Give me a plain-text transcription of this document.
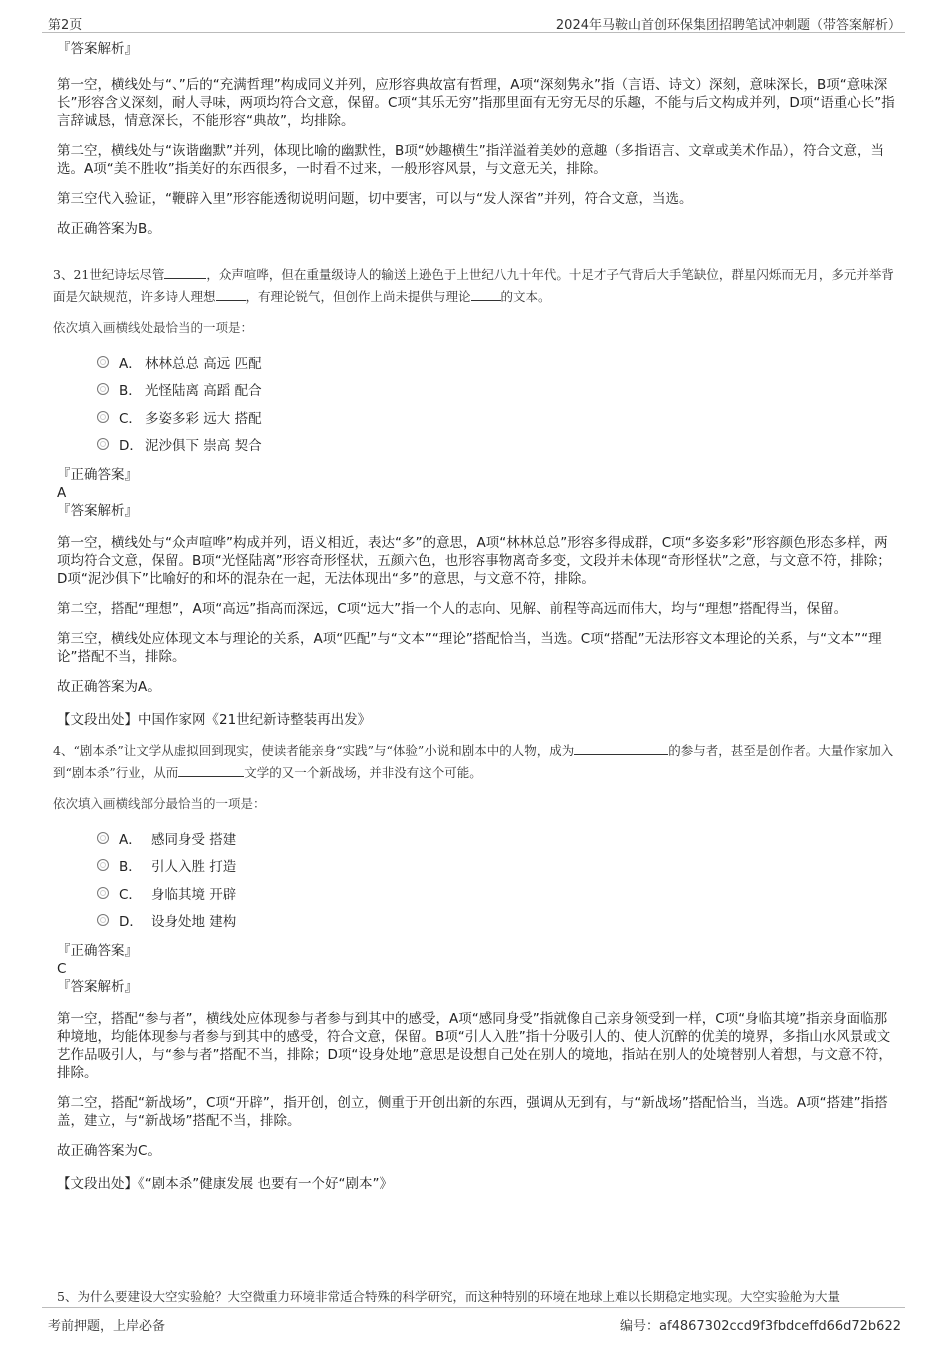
第2页	2024年马鞍山首创环保集团招聘笔试冲刺题（带答案解析）

『答案解析』

第一空，横线处与“、”后的“充满哲理”构成同义并列，应形容典故富有哲理，A项“深刻隽永”指（言语、诗文）深刻，意味深长，B项“意味深长”形容含义深刻，耐人寻味，两项均符合文意，保留。C项“其乐无穷”指那里面有无穷无尽的乐趣，不能与后文构成并列，D项“语重心长”指言辞诚恳，情意深长，不能形容“典故”，均排除。

第二空，横线处与“诙谐幽默”并列，体现比喻的幽默性，B项“妙趣横生”指洋溢着美妙的意趣（多指语言、文章或美术作品），符合文意，当选。A项“美不胜收”指美好的东西很多，一时看不过来，一般形容风景，与文意无关，排除。

第三空代入验证，“鞭辟入里”形容能透彻说明问题，切中要害，可以与“发人深省”并列，符合文意，当选。

故正确答案为B。

3、21世纪诗坛尽管	，众声喧哗，但在重量级诗人的输送上逊色于上世纪八九十年代。十足才子气背后大手笔缺位，群星闪烁而无月，多元并举背面是欠缺规范，许多诗人理想 ，有理论锐气，但创作上尚未提供与理论 的文本。

依次填入画横线处最恰当的一项是：

A． 林林总总 高远 匹配
B． 光怪陆离 高蹈 配合
C． 多姿多彩 远大 搭配
D． 泥沙俱下 崇高 契合

『正确答案』

A

『答案解析』

第一空，横线处与“众声喧哗”构成并列，语义相近，表达“多”的意思，A项“林林总总”形容多得成群，C项“多姿多彩”形容颜色形态多样，两项均符合文意，保留。B项“光怪陆离”形容奇形怪状，五颜六色，也形容事物离奇多变，文段并未体现“奇形怪状”之意，与文意不符，排除；D项“泥沙俱下”比喻好的和坏的混杂在一起，无法体现出“多”的意思，与文意不符，排除。

第二空，搭配“理想”，A项“高远”指高而深远，C项“远大”指一个人的志向、见解、前程等高远而伟大，均与“理想”搭配得当，保留。

第三空，横线处应体现文本与理论的关系，A项“匹配”与“文本”“理论”搭配恰当，当选。C项“搭配”无法形容文本理论的关系，与“文本”“理论”搭配不当，排除。

故正确答案为A。

【文段出处】中国作家网《21世纪新诗整装再出发》

4、“剧本杀”让文学从虚拟回到现实，使读者能亲身“实践”与“体验”小说和剧本中的人物，成为	的参与者，甚至是创作者。大量作家加入到“剧本杀”行业，从而	文学的又一个新战场，并非没有这个可能。

依次填入画横线部分最恰当的一项是：

A． 感同身受 搭建
B． 引人入胜 打造
C． 身临其境 开辟
D． 设身处地 建构

『正确答案』

C

『答案解析』

第一空，搭配“参与者”，横线处应体现参与者参与到其中的感受，A项“感同身受”指就像自己亲身领受到一样，C项“身临其境”指亲身面临那种境地，均能体现参与者参与到其中的感受，符合文意，保留。B项“引人入胜”指十分吸引人的、使人沉醉的优美的境界，多指山水风景或文艺作品吸引人，与“参与者”搭配不当，排除；D项“设身处地”意思是设想自己处在别人的境地，指站在别人的处境替别人着想，与文意不符，排除。

第二空，搭配“新战场”，C项“开辟”，指开创，创立，侧重于开创出新的东西，强调从无到有，与“新战场”搭配恰当，当选。A项“搭建”指搭盖，建立，与“新战场”搭配不当，排除。

故正确答案为C。

【文段出处】《“剧本杀”健康发展 也要有一个好“剧本”》

5、为什么要建设大空实验舱？大空微重力环境非常适合特殊的科学研究，而这种特别的环境在地球上难以长期稳定地实现。大空实验舱为大量
考前押题，上岸必备	编号：af4867302ccd9f3fbdceffd66d72b622
